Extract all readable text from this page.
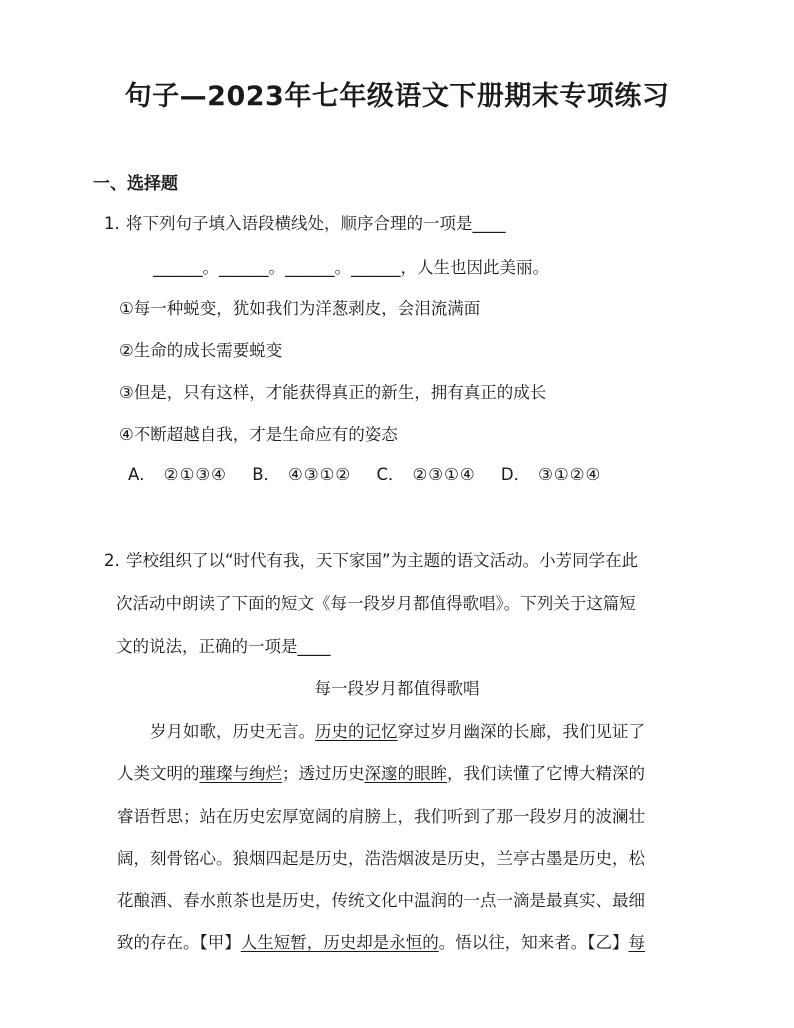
句子—2023年七年级语文下册期末专项练习
一、选择题
1. 将下列句子填入语段横线处，顺序合理的一项是____
______。______。______。______，人生也因此美丽。
①每一种蜕变，犹如我们为洋葱剥皮，会泪流满面
②生命的成长需要蜕变
③但是，只有这样，才能获得真正的新生，拥有真正的成长
④不断超越自我，才是生命应有的姿态
A． ②①③④ B． ④③①② C． ②③①④ D． ③①②④
2. 学校组织了以“时代有我，天下家国”为主题的语文活动。小芳同学在此
次活动中朗读了下面的短文《每一段岁月都值得歌唱》。下列关于这篇短
文的说法，正确的一项是____
每一段岁月都值得歌唱
岁月如歌，历史无言。历史的记忆穿过岁月幽深的长廊，我们见证了
人类文明的璀璨与绚烂；透过历史深邃的眼眸，我们读懂了它博大精深的
睿语哲思；站在历史宏厚宽阔的肩膀上，我们听到了那一段岁月的波澜壮
阔，刻骨铭心。狼烟四起是历史，浩浩烟波是历史，兰亭古墨是历史，松
花酿酒、春水煎茶也是历史，传统文化中温润的一点一滴是最真实、最细
致的存在。【甲】人生短暂，历史却是永恒的。悟以往，知来者。【乙】每
